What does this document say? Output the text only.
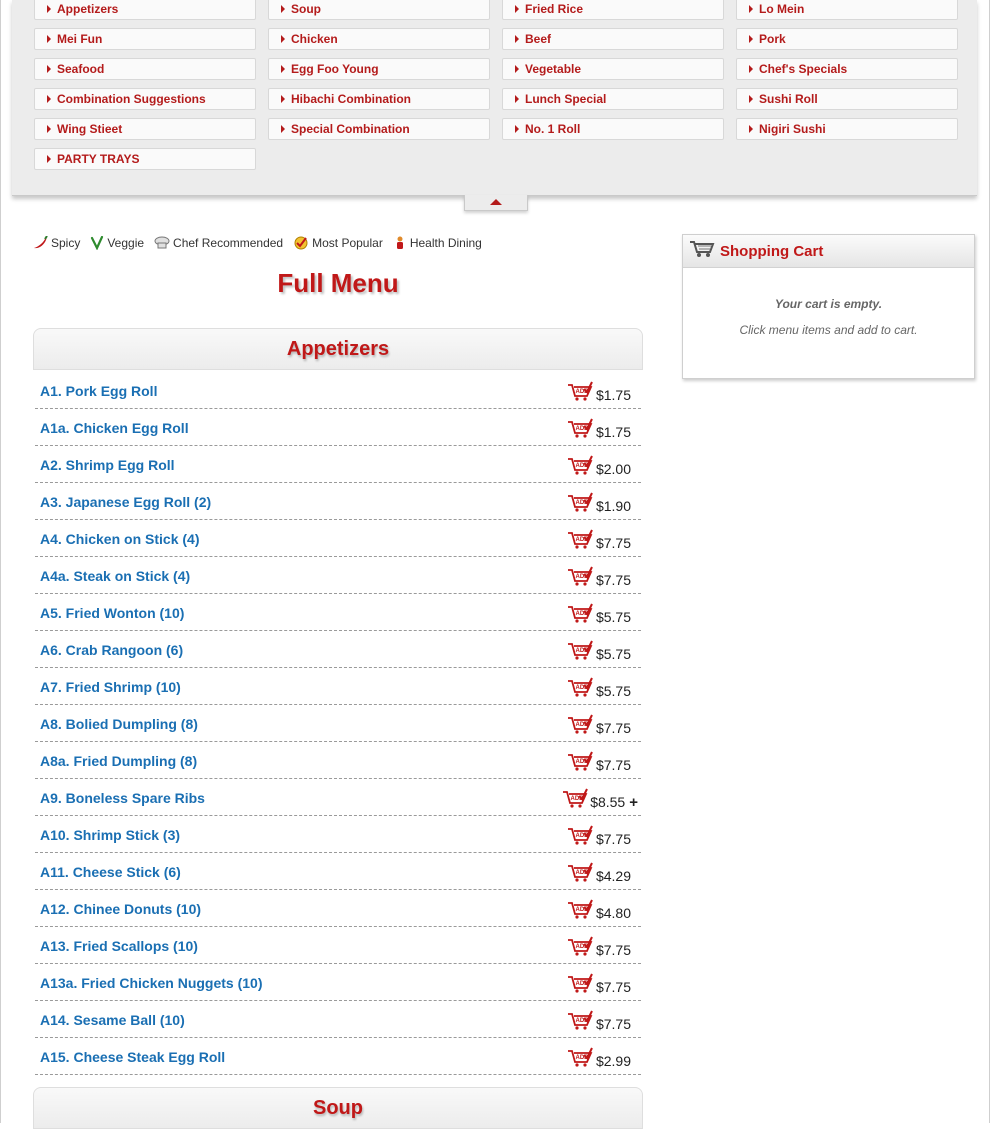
Appetizers	Soup	Fried Rice	Lo Mein
Mei Fun	Chicken	Beef	Pork
Seafood	Egg Foo Young	Vegetable	Chef's Specials
Combination Suggestions	Hibachi Combination	Lunch Special	Sushi Roll
Wing Stieet	Special Combination	No. 1 Roll	Nigiri Sushi
PARTY TRAYS
Spicy Veggie Chef Recommended Most Popular Health Dining
Full Menu
Appetizers
A1. Pork Egg Roll	ADD $1.75
A1a. Chicken Egg Roll	ADD $1.75
A2. Shrimp Egg Roll	ADD $2.00
A3. Japanese Egg Roll (2)	ADD $1.90
A4. Chicken on Stick (4)	ADD $7.75
A4a. Steak on Stick (4)	ADD $7.75
A5. Fried Wonton (10)	ADD $5.75
A6. Crab Rangoon (6)	ADD $5.75
A7. Fried Shrimp (10)	ADD $5.75
A8. Bolied Dumpling (8)	ADD $7.75
A8a. Fried Dumpling (8)	ADD $7.75
A9. Boneless Spare Ribs	ADD $8.55 +
A10. Shrimp Stick (3)	ADD $7.75
A11. Cheese Stick (6)	ADD $4.29
A12. Chinee Donuts (10)	ADD $4.80
A13. Fried Scallops (10)	ADD $7.75
A13a. Fried Chicken Nuggets (10)	ADD $7.75
A14. Sesame Ball (10)	ADD $7.75
A15. Cheese Steak Egg Roll	ADD $2.99
Soup
Shopping Cart
Your cart is empty.
Click menu items and add to cart.
